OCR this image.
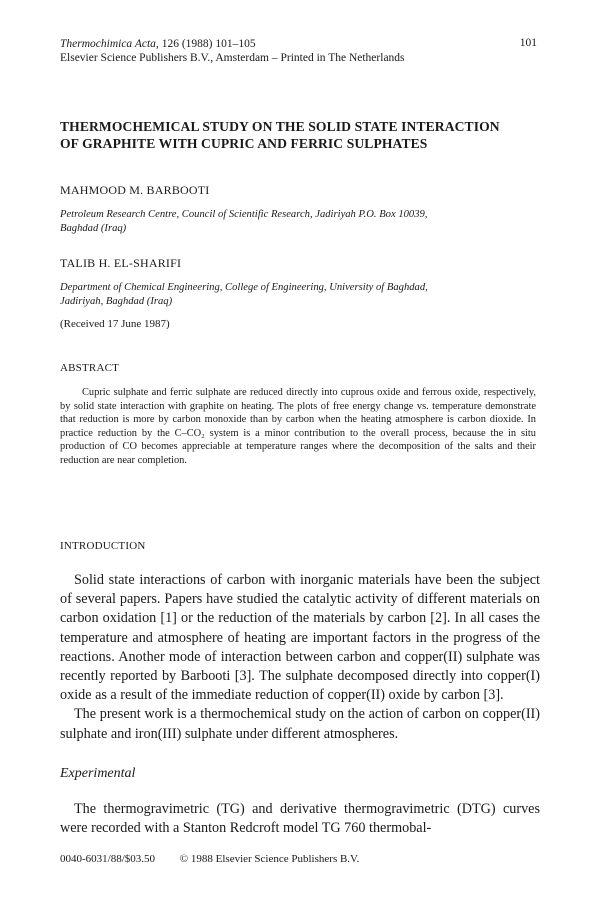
Thermochimica Acta, 126 (1988) 101–105
Elsevier Science Publishers B.V., Amsterdam – Printed in The Netherlands
101
THERMOCHEMICAL STUDY ON THE SOLID STATE INTERACTION
OF GRAPHITE WITH CUPRIC AND FERRIC SULPHATES
MAHMOOD M. BARBOOTI
Petroleum Research Centre, Council of Scientific Research, Jadiriyah P.O. Box 10039,
Baghdad (Iraq)
TALIB H. EL-SHARIFI
Department of Chemical Engineering, College of Engineering, University of Baghdad,
Jadiriyah, Baghdad (Iraq)
(Received 17 June 1987)
ABSTRACT

Cupric sulphate and ferric sulphate are reduced directly into cuprous oxide and ferrous oxide, respectively, by solid state interaction with graphite on heating. The plots of free energy change vs. temperature demonstrate that reduction is more by carbon monoxide than by carbon when the heating atmosphere is carbon dioxide. In practice reduction by the C–CO₂ system is a minor contribution to the overall process, because the in situ production of CO becomes appreciable at temperature ranges where the decomposition of the salts and their reduction are near completion.

INTRODUCTION

Solid state interactions of carbon with inorganic materials have been the subject of several papers. Papers have studied the catalytic activity of different materials on carbon oxidation [1] or the reduction of the materials by carbon [2]. In all cases the temperature and atmosphere of heating are important factors in the progress of the reactions. Another mode of interaction between carbon and copper(II) sulphate was recently reported by Barbooti [3]. The sulphate decomposed directly into copper(I) oxide as a result of the immediate reduction of copper(II) oxide by carbon [3].

The present work is a thermochemical study on the action of carbon on copper(II) sulphate and iron(III) sulphate under different atmospheres.

Experimental

The thermogravimetric (TG) and derivative thermogravimetric (DTG) curves were recorded with a Stanton Redcroft model TG 760 thermobal-

0040-6031/88/$03.50 © 1988 Elsevier Science Publishers B.V.
